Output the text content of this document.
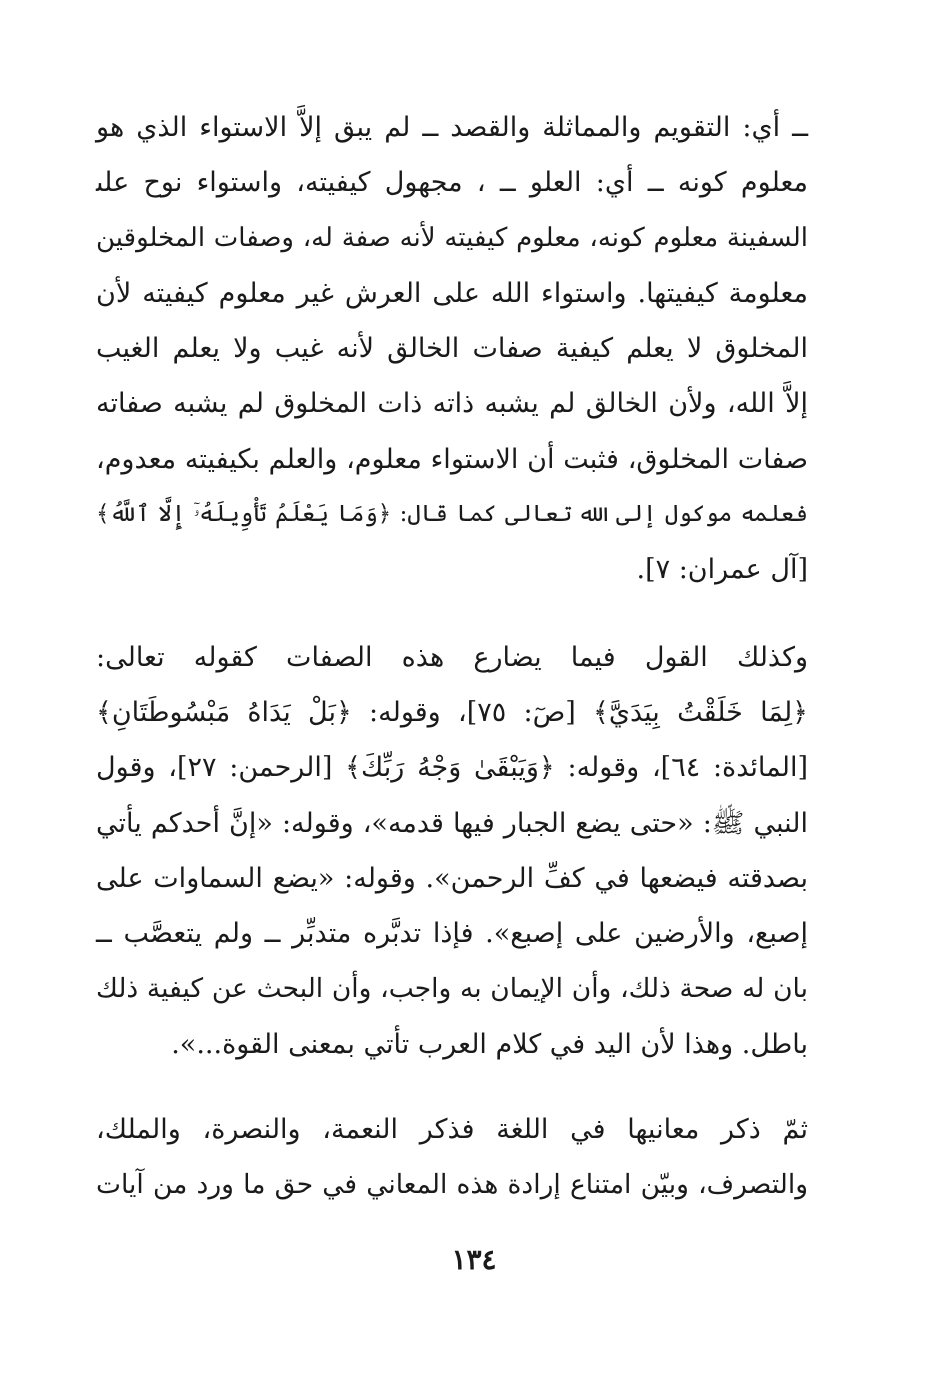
ــ أي: التقويم والمماثلة والقصد ــ لم يبق إلاَّ الاستواء الذي هو
معلوم كونه ــ أي: العلو ــ ، مجهول كيفيته، واستواء نوح على
السفينة معلوم كونه، معلوم كيفيته لأنه صفة له، وصفات المخلوقين
معلومة كيفيتها. واستواء الله على العرش غير معلوم كيفيته لأن
المخلوق لا يعلم كيفية صفات الخالق لأنه غيب ولا يعلم الغيب
إلاَّ الله، ولأن الخالق لم يشبه ذاته ذات المخلوق لم يشبه صفاته
صفات المخلوق، فثبت أن الاستواء معلوم، والعلم بكيفيته معدوم،
فعلمه موكول إلى الله تعالى كما قال: ﴿وَمَا يَعْلَمُ تَأْوِيلَهُۥٓ إِلَّا ٱللَّهُ﴾
[آل عمران: ٧].
وكذلك القول فيما يضارع هذه الصفات كقوله تعالى:
﴿لِمَا خَلَقْتُ بِيَدَيَّ﴾ [صٓ: ٧٥]، وقوله: ﴿بَلْ يَدَاهُ مَبْسُوطَتَانِ﴾
[المائدة: ٦٤]، وقوله: ﴿وَيَبْقَىٰ وَجْهُ رَبِّكَ﴾ [الرحمن: ٢٧]، وقول
النبي ﷺ: «حتى يضع الجبار فيها قدمه»، وقوله: «إنَّ أحدكم يأتي
بصدقته فيضعها في كفِّ الرحمن». وقوله: «يضع السماوات على
إصبع، والأرضين على إصبع». فإذا تدبَّره متدبِّر ــ ولم يتعصَّب ــ
بان له صحة ذلك، وأن الإيمان به واجب، وأن البحث عن كيفية ذلك
باطل. وهذا لأن اليد في كلام العرب تأتي بمعنى القوة...».
ثمّ ذكر معانيها في اللغة فذكر النعمة، والنصرة، والملك،
والتصرف، وبيّن امتناع إرادة هذه المعاني في حق ما ورد من آيات
١٣٤
